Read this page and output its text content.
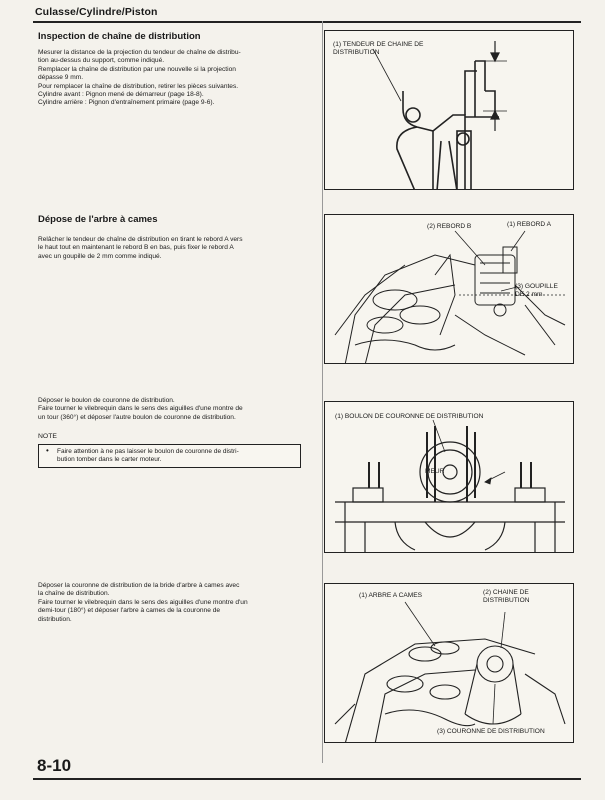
Culasse/Cylindre/Piston
Inspection de chaîne de distribution

Mesurer la distance de la projection du tendeur de chaîne de distribu-

tion au-dessus du support, comme indiqué.

Remplacer la chaîne de distribution par une nouvelle si la projection

dépasse 9 mm.

Pour remplacer la chaîne de distribution, retirer les pièces suivantes.

Cylindre avant : Pignon mené de démarreur (page 18-8).

Cylindre arrière : Pignon d'entraînement primaire (page 9-6).

Dépose de l'arbre à cames

Relâcher le tendeur de chaîne de distribution en tirant le rebord A vers

le haut tout en maintenant le rebord B en bas, puis fixer le rebord A

avec un goupille de 2 mm comme indiqué.

Déposer le boulon de couronne de distribution.

Faire tourner le vilebrequin dans le sens des aiguilles d'une montre de

un tour (360°) et déposer l'autre boulon de couronne de distribution.

NOTE
• Faire attention à ne pas laisser le boulon de couronne de distri-
bution tomber dans le carter moteur.

Déposer la couronne de distribution de la bride d'arbre à cames avec

la chaîne de distribution.

Faire tourner le vilebrequin dans le sens des aiguilles d'une montre d'un

demi-tour (180°) et déposer l'arbre à cames de la couronne de

distribution.

(1) TENDEUR DE CHAINE DE
DISTRIBUTION
(2) REBORD B	(1) REBORD A
(3) GOUPILLE
DE 2 mm
(1) BOULON DE COURONNE DE DISTRIBUTION
MEUR
(1) ARBRE A CAMES	(2) CHAINE DE
DISTRIBUTION
(3) COURONNE DE DISTRIBUTION
8-10
